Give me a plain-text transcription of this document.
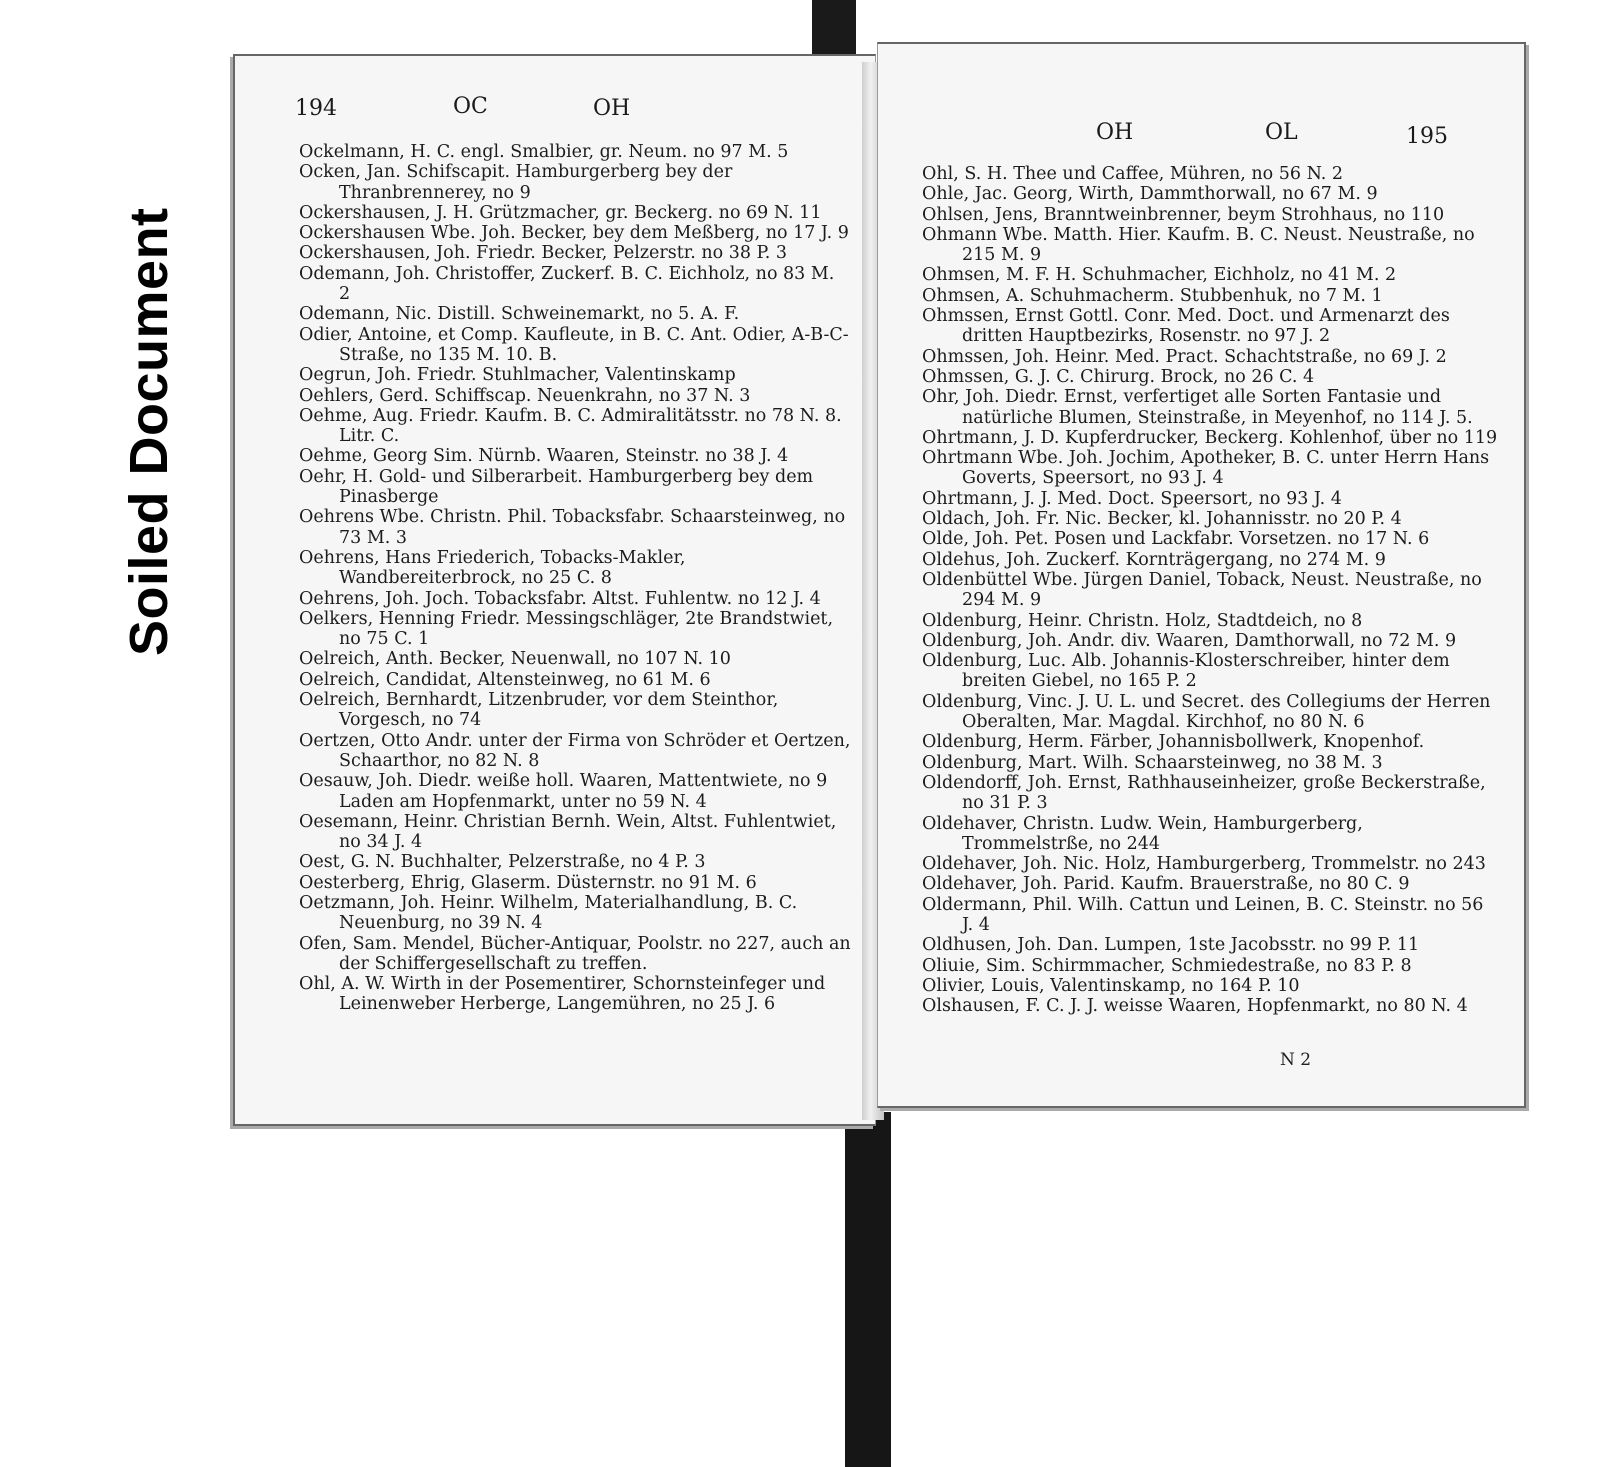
Soiled Document
194	OC	OH

Ockelmann, H. C. engl. Smalbier, gr. Neum. no 97 M. 5

Ocken, Jan. Schifscapit. Hamburgerberg bey der Thranbrennerey, no 9

Ockershausen, J. H. Grützmacher, gr. Beckerg. no 69 N. 11

Ockershausen Wbe. Joh. Becker, bey dem Meßberg, no 17 J. 9

Ockershausen, Joh. Friedr. Becker, Pelzerstr. no 38 P. 3

Odemann, Joh. Christoffer, Zuckerf. B. C. Eichholz, no 83 M. 2

Odemann, Nic. Distill. Schweinemarkt, no 5. A. F.

Odier, Antoine, et Comp. Kaufleute, in B. C. Ant. Odier, A-B-C-Straße, no 135 M. 10. B.

Oegrun, Joh. Friedr. Stuhlmacher, Valentinskamp

Oehlers, Gerd. Schiffscap. Neuenkrahn, no 37 N. 3

Oehme, Aug. Friedr. Kaufm. B. C. Admiralitätsstr. no 78 N. 8. Litr. C.

Oehme, Georg Sim. Nürnb. Waaren, Steinstr. no 38 J. 4

Oehr, H. Gold- und Silberarbeit. Hamburgerberg bey dem Pinasberge

Oehrens Wbe. Christn. Phil. Tobacksfabr. Schaarsteinweg, no 73 M. 3

Oehrens, Hans Friederich, Tobacks-Makler, Wandbereiterbrock, no 25 C. 8

Oehrens, Joh. Joch. Tobacksfabr. Altst. Fuhlentw. no 12 J. 4

Oelkers, Henning Friedr. Messingschläger, 2te Brandstwiet, no 75 C. 1

Oelreich, Anth. Becker, Neuenwall, no 107 N. 10

Oelreich, Candidat, Altensteinweg, no 61 M. 6

Oelreich, Bernhardt, Litzenbruder, vor dem Steinthor, Vorgesch, no 74

Oertzen, Otto Andr. unter der Firma von Schröder et Oertzen, Schaarthor, no 82 N. 8

Oesauw, Joh. Diedr. weiße holl. Waaren, Mattentwiete, no 9 Laden am Hopfenmarkt, unter no 59 N. 4

Oesemann, Heinr. Christian Bernh. Wein, Altst. Fuhlentwiet, no 34 J. 4

Oest, G. N. Buchhalter, Pelzerstraße, no 4 P. 3

Oesterberg, Ehrig, Glaserm. Düsternstr. no 91 M. 6

Oetzmann, Joh. Heinr. Wilhelm, Materialhandlung, B. C. Neuenburg, no 39 N. 4

Ofen, Sam. Mendel, Bücher-Antiquar, Poolstr. no 227, auch an der Schiffergesellschaft zu treffen.

Ohl, A. W. Wirth in der Posementirer, Schornsteinfeger und Leinenweber Herberge, Langemühren, no 25 J. 6

OH	OL	195

Ohl, S. H. Thee und Caffee, Mühren, no 56 N. 2

Ohle, Jac. Georg, Wirth, Dammthorwall, no 67 M. 9

Ohlsen, Jens, Branntweinbrenner, beym Strohhaus, no 110

Ohmann Wbe. Matth. Hier. Kaufm. B. C. Neust. Neustraße, no 215 M. 9

Ohmsen, M. F. H. Schuhmacher, Eichholz, no 41 M. 2

Ohmsen, A. Schuhmacherm. Stubbenhuk, no 7 M. 1

Ohmssen, Ernst Gottl. Conr. Med. Doct. und Armenarzt des dritten Hauptbezirks, Rosenstr. no 97 J. 2

Ohmssen, Joh. Heinr. Med. Pract. Schachtstraße, no 69 J. 2

Ohmssen, G. J. C. Chirurg. Brock, no 26 C. 4

Ohr, Joh. Diedr. Ernst, verfertiget alle Sorten Fantasie und natürliche Blumen, Steinstraße, in Meyenhof, no 114 J. 5.

Ohrtmann, J. D. Kupferdrucker, Beckerg. Kohlenhof, über no 119

Ohrtmann Wbe. Joh. Jochim, Apotheker, B. C. unter Herrn Hans Goverts, Speersort, no 93 J. 4

Ohrtmann, J. J. Med. Doct. Speersort, no 93 J. 4

Oldach, Joh. Fr. Nic. Becker, kl. Johannisstr. no 20 P. 4

Olde, Joh. Pet. Posen und Lackfabr. Vorsetzen. no 17 N. 6

Oldehus, Joh. Zuckerf. Kornträgergang, no 274 M. 9

Oldenbüttel Wbe. Jürgen Daniel, Toback, Neust. Neustraße, no 294 M. 9

Oldenburg, Heinr. Christn. Holz, Stadtdeich, no 8

Oldenburg, Joh. Andr. div. Waaren, Damthorwall, no 72 M. 9

Oldenburg, Luc. Alb. Johannis-Klosterschreiber, hinter dem breiten Giebel, no 165 P. 2

Oldenburg, Vinc. J. U. L. und Secret. des Collegiums der Herren Oberalten, Mar. Magdal. Kirchhof, no 80 N. 6

Oldenburg, Herm. Färber, Johannisbollwerk, Knopenhof.

Oldenburg, Mart. Wilh. Schaarsteinweg, no 38 M. 3

Oldendorff, Joh. Ernst, Rathhauseinheizer, große Beckerstraße, no 31 P. 3

Oldehaver, Christn. Ludw. Wein, Hamburgerberg, Trommelstrße, no 244

Oldehaver, Joh. Nic. Holz, Hamburgerberg, Trommelstr. no 243

Oldehaver, Joh. Parid. Kaufm. Brauerstraße, no 80 C. 9

Oldermann, Phil. Wilh. Cattun und Leinen, B. C. Steinstr. no 56 J. 4

Oldhusen, Joh. Dan. Lumpen, 1ste Jacobsstr. no 99 P. 11

Oliuie, Sim. Schirmmacher, Schmiedestraße, no 83 P. 8

Olivier, Louis, Valentinskamp, no 164 P. 10

Olshausen, F. C. J. J. weisse Waaren, Hopfenmarkt, no 80 N. 4

N 2
